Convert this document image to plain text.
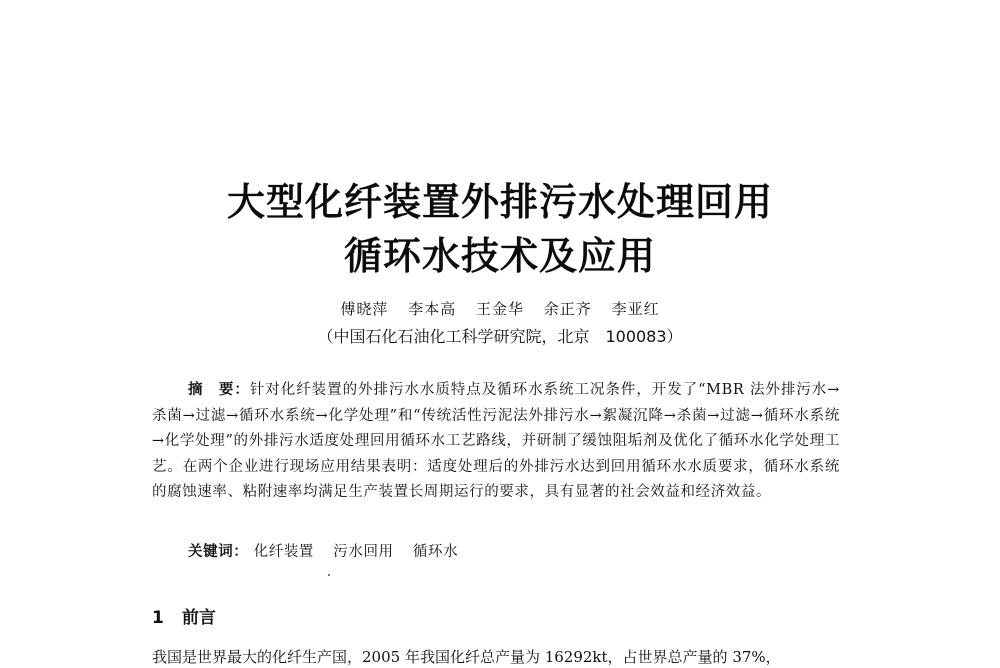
大型化纤装置外排污水处理回用
循环水技术及应用
傅晓萍 李本高 王金华 余正齐 李亚红
（中国石化石油化工科学研究院，北京　100083）
摘　要：针对化纤装置的外排污水水质特点及循环水系统工况条件，开发了“MBR 法外排污水→杀菌→过滤→循环水系统→化学处理”和“传统活性污泥法外排污水→絮凝沉降→杀菌→过滤→循环水系统→化学处理”的外排污水适度处理回用循环水工艺路线，并研制了缓蚀阻垢剂及优化了循环水化学处理工艺。在两个企业进行现场应用结果表明：适度处理后的外排污水达到回用循环水水质要求，循环水系统的腐蚀速率、粘附速率均满足生产装置长周期运行的要求，具有显著的社会效益和经济效益。
关键词： 化纤装置 污水回用 循环水
1 前言
我国是世界最大的化纤生产国，2005 年我国化纤总产量为 16292kt，占世界总产量的 37%，
